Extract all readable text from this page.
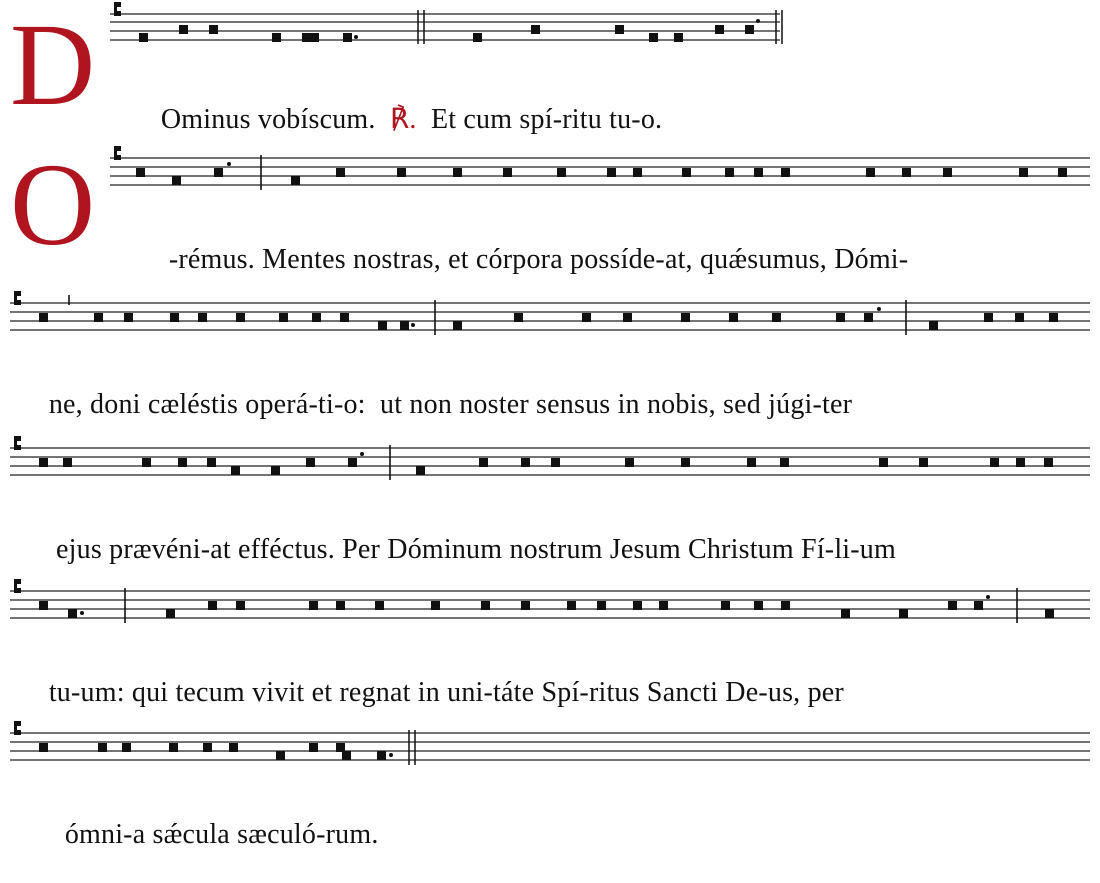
D	Ominus vobíscum.  ℟.  Et cum spí-ritu tu-o.

O	-rémus. Mentes nostras, et córpora possíde-at, quǽsumus, Dómi-

ne, doni cæléstis operá-ti-o:  ut non noster sensus in nobis, sed júgi-ter

ejus prævéni-at efféctus. Per Dóminum nostrum Jesum Christum Fí-li-um

tu-um: qui tecum vivit et regnat in uni-táte Spí-ritus Sancti De-us, per

ómni-a sǽcula sæculó-rum.
